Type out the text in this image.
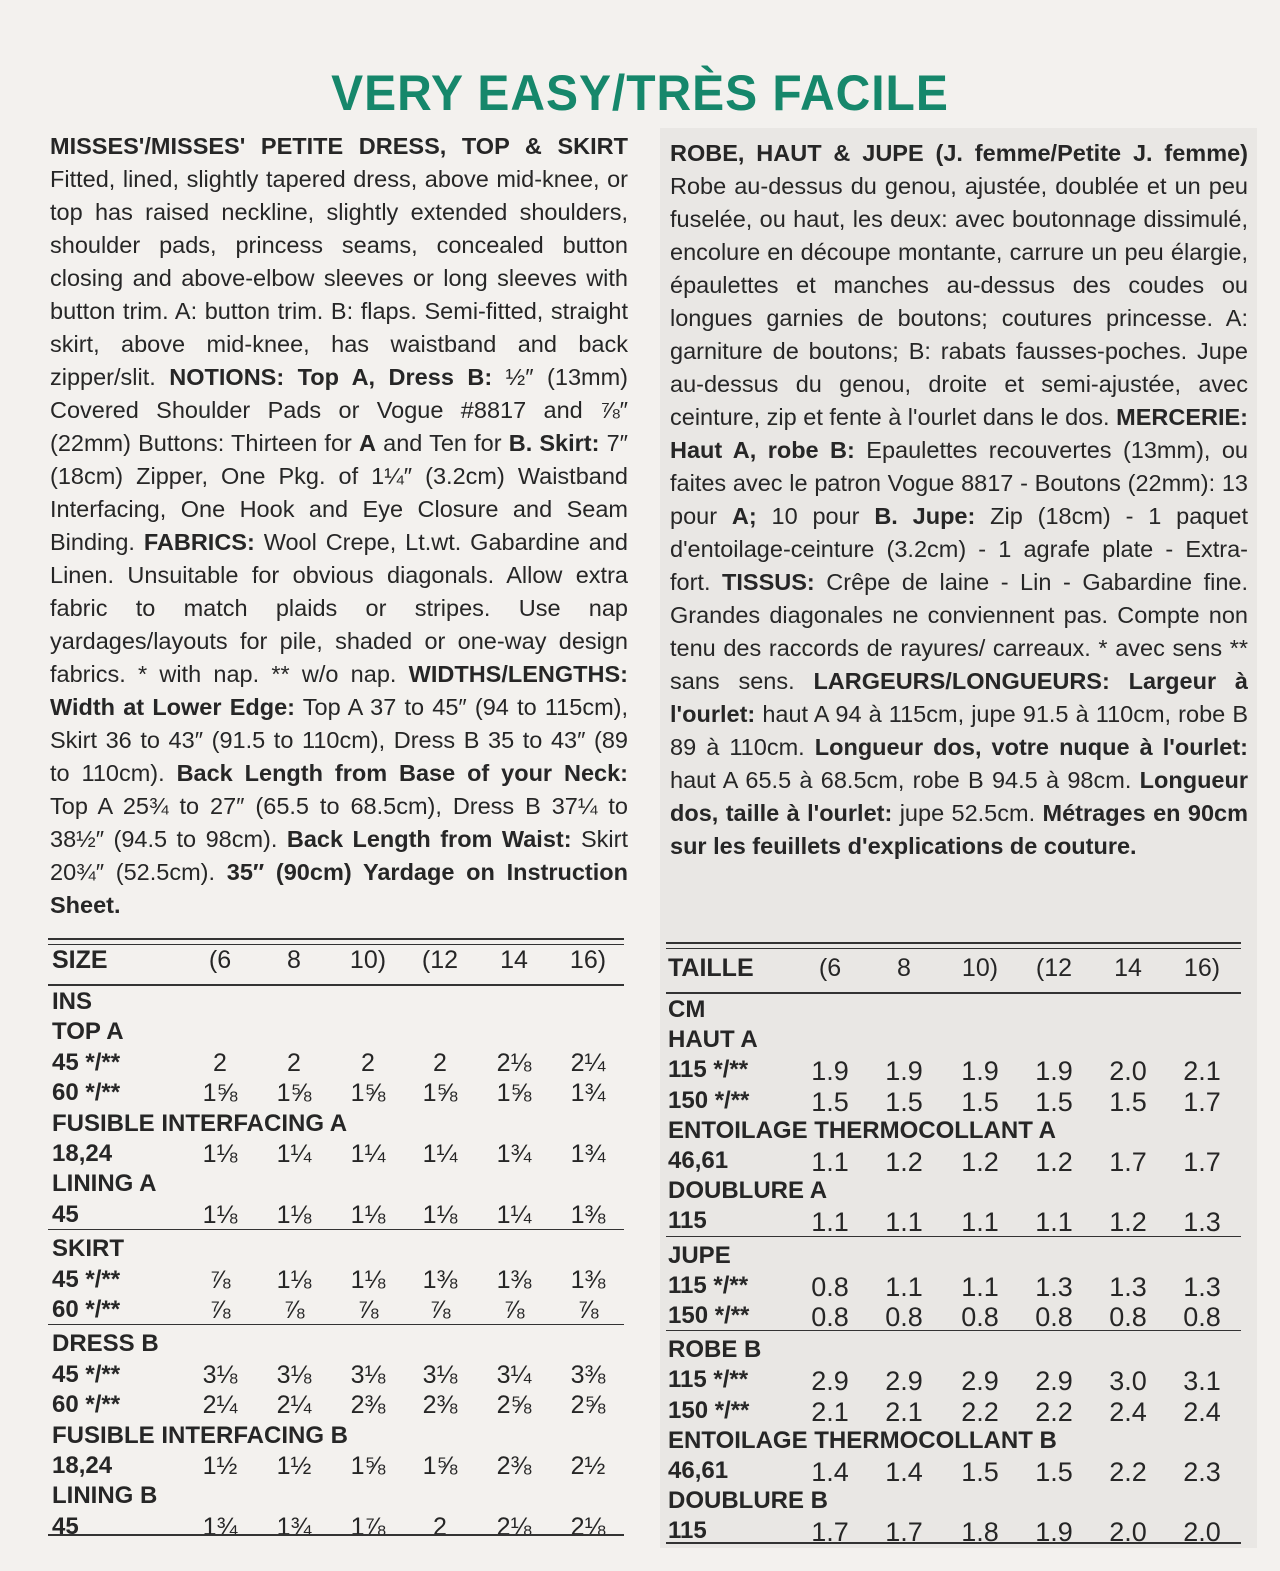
VERY EASY/TRÈS FACILE
MISSES'/MISSES' PETITE DRESS, TOP & SKIRT Fitted, lined, slightly tapered dress, above mid-knee, or top has raised neckline, slightly extended shoulders, shoulder pads, princess seams, concealed button closing and above-elbow sleeves or long sleeves with button trim. A: button trim. B: flaps. Semi-fitted, straight skirt, above mid-knee, has waistband and back zipper/slit. NOTIONS: Top A, Dress B: ½″ (13mm) Covered Shoulder Pads or Vogue #8817 and ⅞″ (22mm) Buttons: Thirteen for A and Ten for B. Skirt: 7″ (18cm) Zipper, One Pkg. of 1¼″ (3.2cm) Waistband Interfacing, One Hook and Eye Closure and Seam Binding. FABRICS: Wool Crepe, Lt.wt. Gabardine and Linen. Unsuitable for obvious diagonals. Allow extra fabric to match plaids or stripes. Use nap yardages/layouts for pile, shaded or one-way design fabrics. * with nap. ** w/o nap. WIDTHS/LENGTHS: Width at Lower Edge: Top A 37 to 45″ (94 to 115cm), Skirt 36 to 43″ (91.5 to 110cm), Dress B 35 to 43″ (89 to 110cm). Back Length from Base of your Neck: Top A 25¾ to 27″ (65.5 to 68.5cm), Dress B 37¼ to 38½″ (94.5 to 98cm). Back Length from Waist: Skirt 20¾″ (52.5cm). 35″ (90cm) Yardage on Instruction Sheet.
ROBE, HAUT & JUPE (J. femme/Petite J. femme) Robe au-dessus du genou, ajustée, doublée et un peu fuselée, ou haut, les deux: avec boutonnage dissimulé, encolure en découpe montante, carrure un peu élargie, épaulettes et manches au-dessus des coudes ou longues garnies de boutons; coutures princesse. A: garniture de boutons; B: rabats fausses-poches. Jupe au-dessus du genou, droite et semi-ajustée, avec ceinture, zip et fente à l'ourlet dans le dos. MERCERIE: Haut A, robe B: Epaulettes recouvertes (13mm), ou faites avec le patron Vogue 8817 - Boutons (22mm): 13 pour A; 10 pour B. Jupe: Zip (18cm) - 1 paquet d'entoilage-ceinture (3.2cm) - 1 agrafe plate - Extra-fort. TISSUS: Crêpe de laine - Lin - Gabardine fine. Grandes diagonales ne conviennent pas. Compte non tenu des raccords de rayures/ carreaux. * avec sens ** sans sens. LARGEURS/LONGUEURS: Largeur à l'ourlet: haut A 94 à 115cm, jupe 91.5 à 110cm, robe B 89 à 110cm. Longueur dos, votre nuque à l'ourlet: haut A 65.5 à 68.5cm, robe B 94.5 à 98cm. Longueur dos, taille à l'ourlet: jupe 52.5cm. Métrages en 90cm sur les feuillets d'explications de couture.
SIZE	(6	8	10)	(12	14	16)
INS
TOP A
45 */**	2	2	2	2	2⅛	2¼
60 */**	1⅝	1⅝	1⅝	1⅝	1⅝	1¾
FUSIBLE INTERFACING A
18,24	1⅛	1¼	1¼	1¼	1¾	1¾
LINING A
45	1⅛	1⅛	1⅛	1⅛	1¼	1⅜
SKIRT
45 */**	⅞	1⅛	1⅛	1⅜	1⅜	1⅜
60 */**	⅞	⅞	⅞	⅞	⅞	⅞
DRESS B
45 */**	3⅛	3⅛	3⅛	3⅛	3¼	3⅜
60 */**	2¼	2¼	2⅜	2⅜	2⅝	2⅝
FUSIBLE INTERFACING B
18,24	1½	1½	1⅝	1⅝	2⅜	2½
LINING B
45	1¾	1¾	1⅞	2	2⅛	2⅛
TAILLE	(6	8	10)	(12	14	16)
CM
HAUT A
115 */**	1.9	1.9	1.9	1.9	2.0	2.1
150 */**	1.5	1.5	1.5	1.5	1.5	1.7
ENTOILAGE THERMOCOLLANT A
46,61	1.1	1.2	1.2	1.2	1.7	1.7
DOUBLURE A
115	1.1	1.1	1.1	1.1	1.2	1.3
JUPE
115 */**	0.8	1.1	1.1	1.3	1.3	1.3
150 */**	0.8	0.8	0.8	0.8	0.8	0.8
ROBE B
115 */**	2.9	2.9	2.9	2.9	3.0	3.1
150 */**	2.1	2.1	2.2	2.2	2.4	2.4
ENTOILAGE THERMOCOLLANT B
46,61	1.4	1.4	1.5	1.5	2.2	2.3
DOUBLURE B
115	1.7	1.7	1.8	1.9	2.0	2.0
